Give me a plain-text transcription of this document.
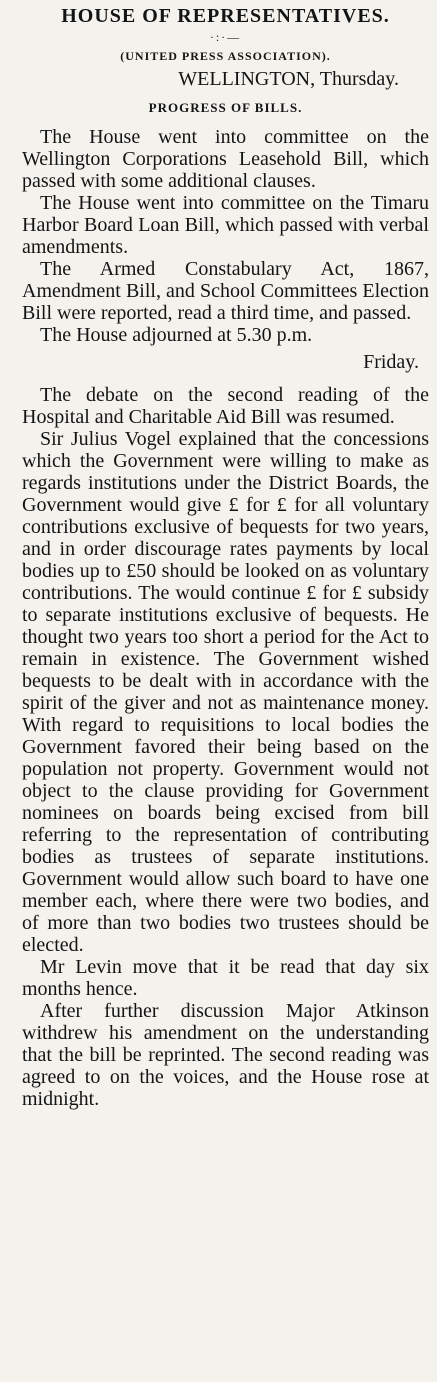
HOUSE OF REPRESENTATIVES.
·:·—
(UNITED PRESS ASSOCIATION).
WELLINGTON, Thursday.
PROGRESS OF BILLS.

The House went into committee on the Wellington Corporations Leasehold Bill, which passed with some additional clauses.

The House went into committee on the Timaru Harbor Board Loan Bill, which passed with verbal amendments.

The Armed Constabulary Act, 1867, Amendment Bill, and School Committees Election Bill were reported, read a third time, and passed.

The House adjourned at 5.30 p.m.

Friday.

The debate on the second reading of the Hospital and Charitable Aid Bill was resumed.

Sir Julius Vogel explained that the concessions which the Government were willing to make as regards institutions under the District Boards, the Government would give £ for £ for all voluntary contributions exclusive of bequests for two years, and in order discourage rates payments by local bodies up to £50 should be looked on as voluntary contributions. The would continue £ for £ subsidy to separate institutions exclusive of bequests. He thought two years too short a period for the Act to remain in existence. The Government wished bequests to be dealt with in accordance with the spirit of the giver and not as maintenance money. With regard to requisitions to local bodies the Government favored their being based on the population not property. Government would not object to the clause providing for Government nominees on boards being excised from bill referring to the representation of contributing bodies as trustees of separate institutions. Government would allow such board to have one member each, where there were two bodies, and of more than two bodies two trustees should be elected.

Mr Levin move that it be read that day six months hence.

After further discussion Major Atkinson withdrew his amendment on the understanding that the bill be reprinted. The second reading was agreed to on the voices, and the House rose at midnight.
